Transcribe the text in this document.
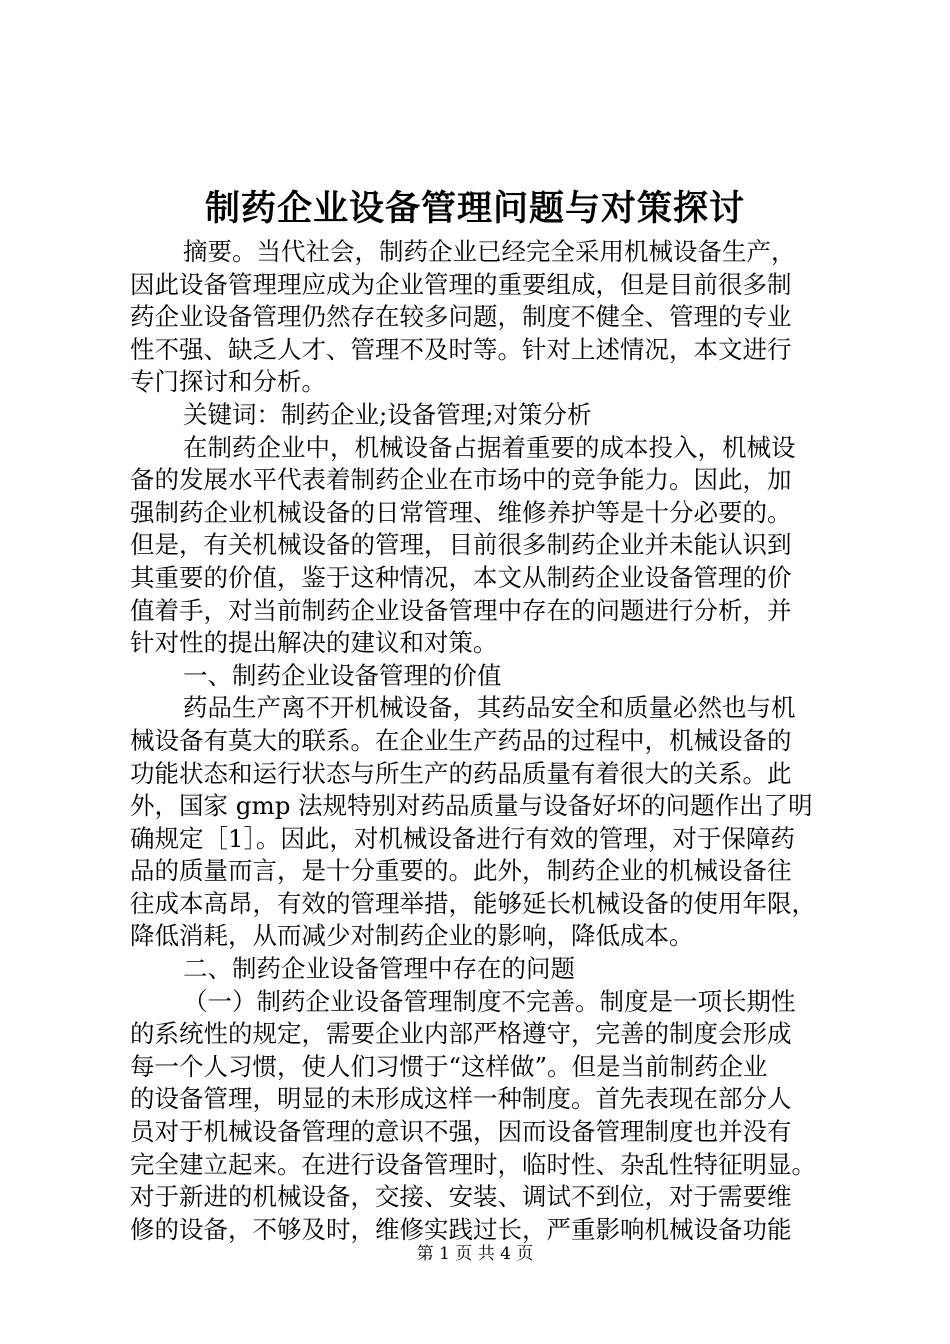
制药企业设备管理问题与对策探讨
摘要。当代社会，制药企业已经完全采用机械设备生产，
因此设备管理理应成为企业管理的重要组成，但是目前很多制
药企业设备管理仍然存在较多问题，制度不健全、管理的专业
性不强、缺乏人才、管理不及时等。针对上述情况，本文进行
专门探讨和分析。
关键词：制药企业;设备管理;对策分析
在制药企业中，机械设备占据着重要的成本投入，机械设
备的发展水平代表着制药企业在市场中的竞争能力。因此，加
强制药企业机械设备的日常管理、维修养护等是十分必要的。
但是，有关机械设备的管理，目前很多制药企业并未能认识到
其重要的价值，鉴于这种情况，本文从制药企业设备管理的价
值着手，对当前制药企业设备管理中存在的问题进行分析，并
针对性的提出解决的建议和对策。
一、制药企业设备管理的价值
药品生产离不开机械设备，其药品安全和质量必然也与机
械设备有莫大的联系。在企业生产药品的过程中，机械设备的
功能状态和运行状态与所生产的药品质量有着很大的关系。此
外，国家 gmp 法规特别对药品质量与设备好坏的问题作出了明
确规定［1］。因此，对机械设备进行有效的管理，对于保障药
品的质量而言，是十分重要的。此外，制药企业的机械设备往
往成本高昂，有效的管理举措，能够延长机械设备的使用年限，
降低消耗，从而减少对制药企业的影响，降低成本。
二、制药企业设备管理中存在的问题
（一）制药企业设备管理制度不完善。制度是一项长期性
的系统性的规定，需要企业内部严格遵守，完善的制度会形成
每一个人习惯，使人们习惯于“这样做”。但是当前制药企业
的设备管理，明显的未形成这样一种制度。首先表现在部分人
员对于机械设备管理的意识不强，因而设备管理制度也并没有
完全建立起来。在进行设备管理时，临时性、杂乱性特征明显。
对于新进的机械设备，交接、安装、调试不到位，对于需要维
修的设备，不够及时，维修实践过长，严重影响机械设备功能
第 1 页 共 4 页
